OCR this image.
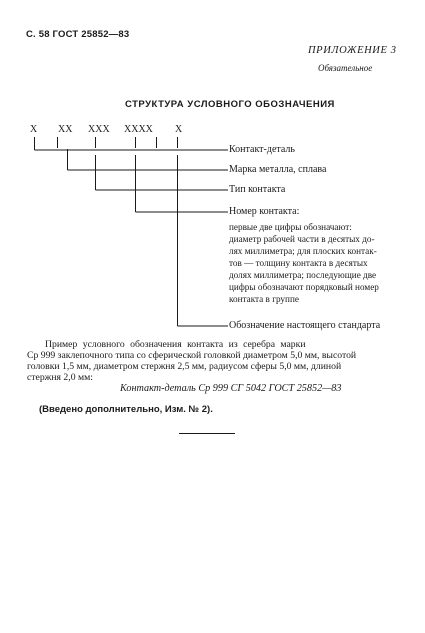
С. 58 ГОСТ 25852—83
ПРИЛОЖЕНИЕ 3
Обязательное
СТРУКТУРА УСЛОВНОГО ОБОЗНАЧЕНИЯ
X XX XXX XXXX X
Контакт-деталь
Марка металла, сплава
Тип контакта
Номер контакта:
первые две цифры обозначают:
диаметр рабочей части в десятых до-
лях миллиметра; для плоских контак-
тов — толщину контакта в десятых
долях миллиметра; последующие две
цифры обозначают порядковый номер
контакта в группе
Обозначение настоящего стандарта
Пример условного обозначения контакта из серебра марки
Ср 999 заклепочного типа со сферической головкой диаметром 5,0 мм, высотой
головки 1,5 мм, диаметром стержня 2,5 мм, радиусом сферы 5,0 мм, длиной
стержня 2,0 мм:
Контакт-деталь Ср 999 СГ 5042 ГОСТ 25852—83
(Введено дополнительно, Изм. № 2).
